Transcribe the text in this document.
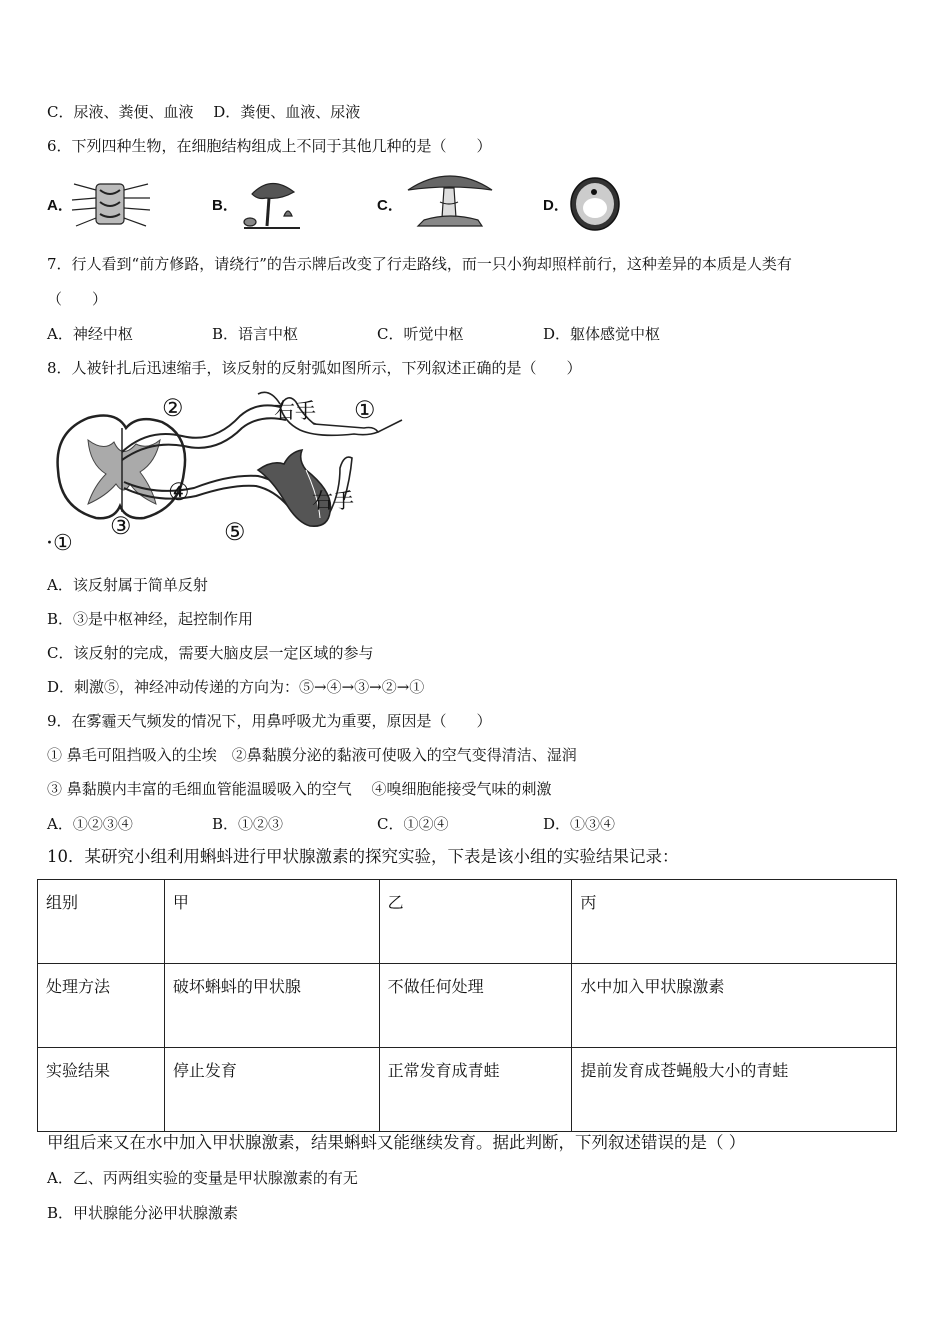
C．尿液、粪便、血液　 D．粪便、血液、尿液
6．下列四种生物，在细胞结构组成上不同于其他几种的是（　　）
A．	B．	C．	D．
7．行人看到“前方修路，请绕行”的告示牌后改变了行走路线，而一只小狗却照样前行，这种差异的本质是人类有
（　　）
A．神经中枢	B．语言中枢	C．听觉中枢	D．躯体感觉中枢
8．人被针扎后迅速缩手，该反射的反射弧如图所示，下列叙述正确的是（　　）
右手
右手
②	①
④
③	⑤
·①
A．该反射属于简单反射
B．③是中枢神经，起控制作用
C．该反射的完成，需要大脑皮层一定区域的参与
D．刺激⑤，神经冲动传递的方向为：⑤→④→③→②→①
9．在雾霾天气频发的情况下，用鼻呼吸尤为重要，原因是（　　）
① 鼻毛可阻挡吸入的尘埃　②鼻黏膜分泌的黏液可使吸入的空气变得清洁、湿润
③ 鼻黏膜内丰富的毛细血管能温暖吸入的空气　 ④嗅细胞能接受气味的刺激
A．①②③④	B．①②③	C．①②④	D．①③④
10．某研究小组利用蝌蚪进行甲状腺激素的探究实验，下表是该小组的实验结果记录：
组别	甲	乙	丙
处理方法	破坏蝌蚪的甲状腺	不做任何处理	水中加入甲状腺激素
实验结果	停止发育	正常发育成青蛙	提前发育成苍蝇般大小的青蛙
甲组后来又在水中加入甲状腺激素，结果蝌蚪又能继续发育。据此判断，下列叙述错误的是（ ）
A．乙、丙两组实验的变量是甲状腺激素的有无
B．甲状腺能分泌甲状腺激素
